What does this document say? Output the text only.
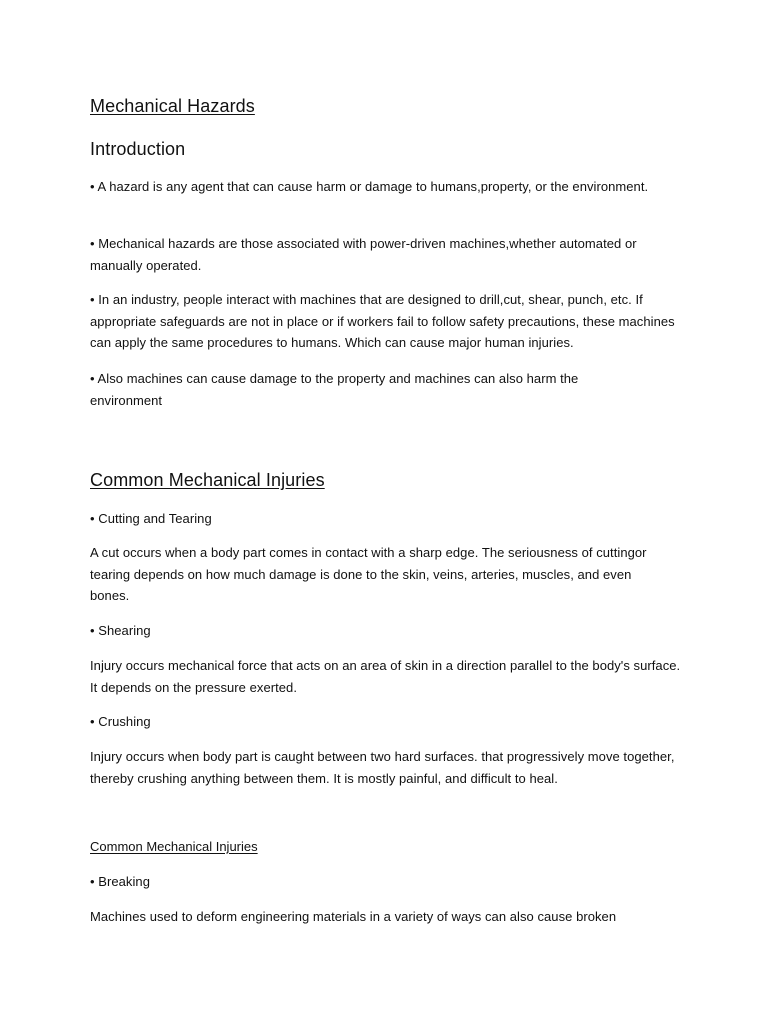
Mechanical Hazards
Introduction

• A hazard is any agent that can cause harm or damage to humans,property, or the environment.

• Mechanical hazards are those associated with power-driven machines,whether automated or manually operated.

• In an industry, people interact with machines that are designed to drill,cut, shear, punch, etc. If appropriate safeguards are not in place or if workers fail to follow safety precautions, these machines can apply the same procedures to humans. Which can cause major human injuries.

• Also machines can cause damage to the property and machines can also harm the environment

Common Mechanical Injuries

• Cutting and Tearing

A cut occurs when a body part comes in contact with a sharp edge. The seriousness of cuttingor tearing depends on how much damage is done to the skin, veins, arteries, muscles, and even bones.

• Shearing

Injury occurs mechanical force that acts on an area of skin in a direction parallel to the body's surface. It depends on the pressure exerted.

• Crushing

Injury occurs when body part is caught between two hard surfaces. that progressively move together, thereby crushing anything between them. It is mostly painful, and difficult to heal.

Common Mechanical Injuries

• Breaking

Machines used to deform engineering materials in a variety of ways can also cause broken
